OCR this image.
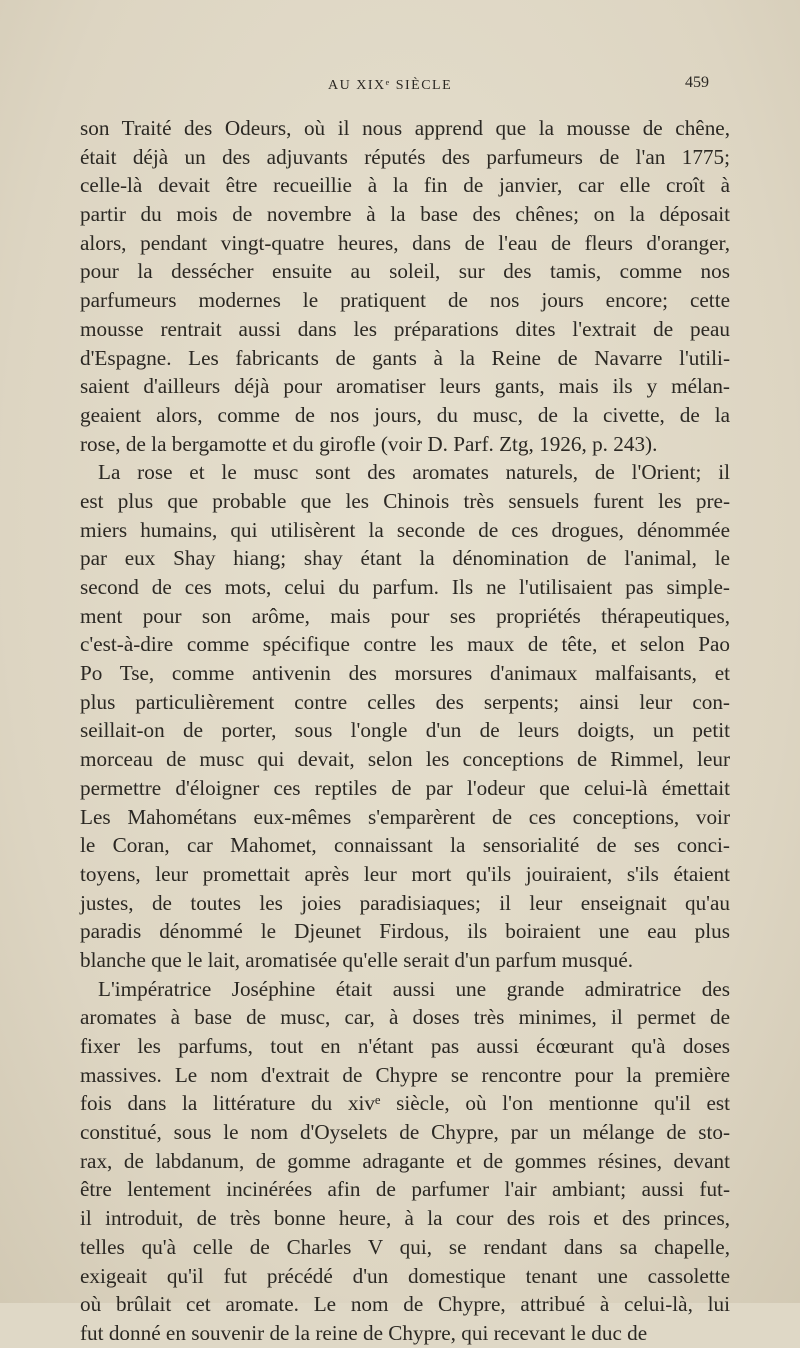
AU XIXᵉ SIÈCLE	459
son Traité des Odeurs, où il nous apprend que la mousse de chêne,
était déjà un des adjuvants réputés des parfumeurs de l'an 1775;
celle-là devait être recueillie à la fin de janvier, car elle croît à
partir du mois de novembre à la base des chênes; on la déposait
alors, pendant vingt-quatre heures, dans de l'eau de fleurs d'oranger,
pour la dessécher ensuite au soleil, sur des tamis, comme nos
parfumeurs modernes le pratiquent de nos jours encore; cette
mousse rentrait aussi dans les préparations dites l'extrait de peau
d'Espagne. Les fabricants de gants à la Reine de Navarre l'utili-
saient d'ailleurs déjà pour aromatiser leurs gants, mais ils y mélan-
geaient alors, comme de nos jours, du musc, de la civette, de la
rose, de la bergamotte et du girofle (voir D. Parf. Ztg, 1926, p. 243).
La rose et le musc sont des aromates naturels, de l'Orient; il
est plus que probable que les Chinois très sensuels furent les pre-
miers humains, qui utilisèrent la seconde de ces drogues, dénommée
par eux Shay hiang; shay étant la dénomination de l'animal, le
second de ces mots, celui du parfum. Ils ne l'utilisaient pas simple-
ment pour son arôme, mais pour ses propriétés thérapeutiques,
c'est-à-dire comme spécifique contre les maux de tête, et selon Pao
Po Tse, comme antivenin des morsures d'animaux malfaisants, et
plus particulièrement contre celles des serpents; ainsi leur con-
seillait-on de porter, sous l'ongle d'un de leurs doigts, un petit
morceau de musc qui devait, selon les conceptions de Rimmel, leur
permettre d'éloigner ces reptiles de par l'odeur que celui-là émettait
Les Mahométans eux-mêmes s'emparèrent de ces conceptions, voir
le Coran, car Mahomet, connaissant la sensorialité de ses conci-
toyens, leur promettait après leur mort qu'ils jouiraient, s'ils étaient
justes, de toutes les joies paradisiaques; il leur enseignait qu'au
paradis dénommé le Djeunet Firdous, ils boiraient une eau plus
blanche que le lait, aromatisée qu'elle serait d'un parfum musqué.
L'impératrice Joséphine était aussi une grande admiratrice des
aromates à base de musc, car, à doses très minimes, il permet de
fixer les parfums, tout en n'étant pas aussi écœurant qu'à doses
massives. Le nom d'extrait de Chypre se rencontre pour la première
fois dans la littérature du xivᵉ siècle, où l'on mentionne qu'il est
constitué, sous le nom d'Oyselets de Chypre, par un mélange de sto-
rax, de labdanum, de gomme adragante et de gommes résines, devant
être lentement incinérées afin de parfumer l'air ambiant; aussi fut-
il introduit, de très bonne heure, à la cour des rois et des princes,
telles qu'à celle de Charles V qui, se rendant dans sa chapelle,
exigeait qu'il fut précédé d'un domestique tenant une cassolette
où brûlait cet aromate. Le nom de Chypre, attribué à celui-là, lui
fut donné en souvenir de la reine de Chypre, qui recevant le duc de
